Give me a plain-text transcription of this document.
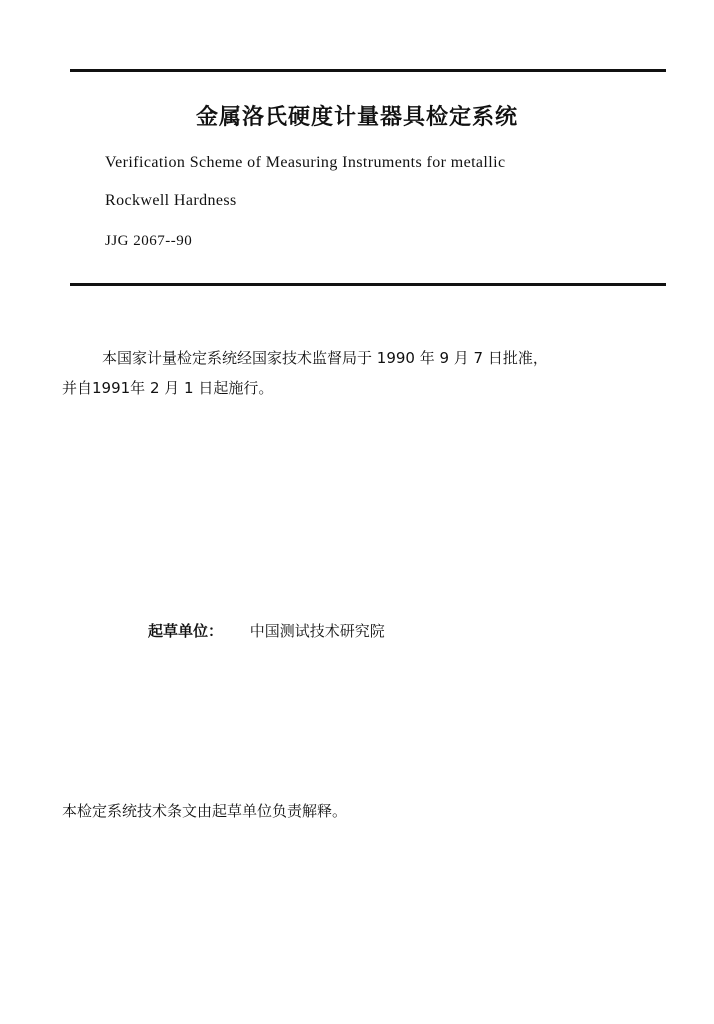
金属洛氏硬度计量器具检定系统
Verification Scheme of Measuring Instruments for metallic
Rockwell Hardness
JJG 2067--90
本国家计量检定系统经国家技术监督局于 1990 年 9 月 7 日批准，
并自1991年 2 月 1 日起施行。
起草单位： 中国测试技术研究院
本检定系统技术条文由起草单位负责解释。
